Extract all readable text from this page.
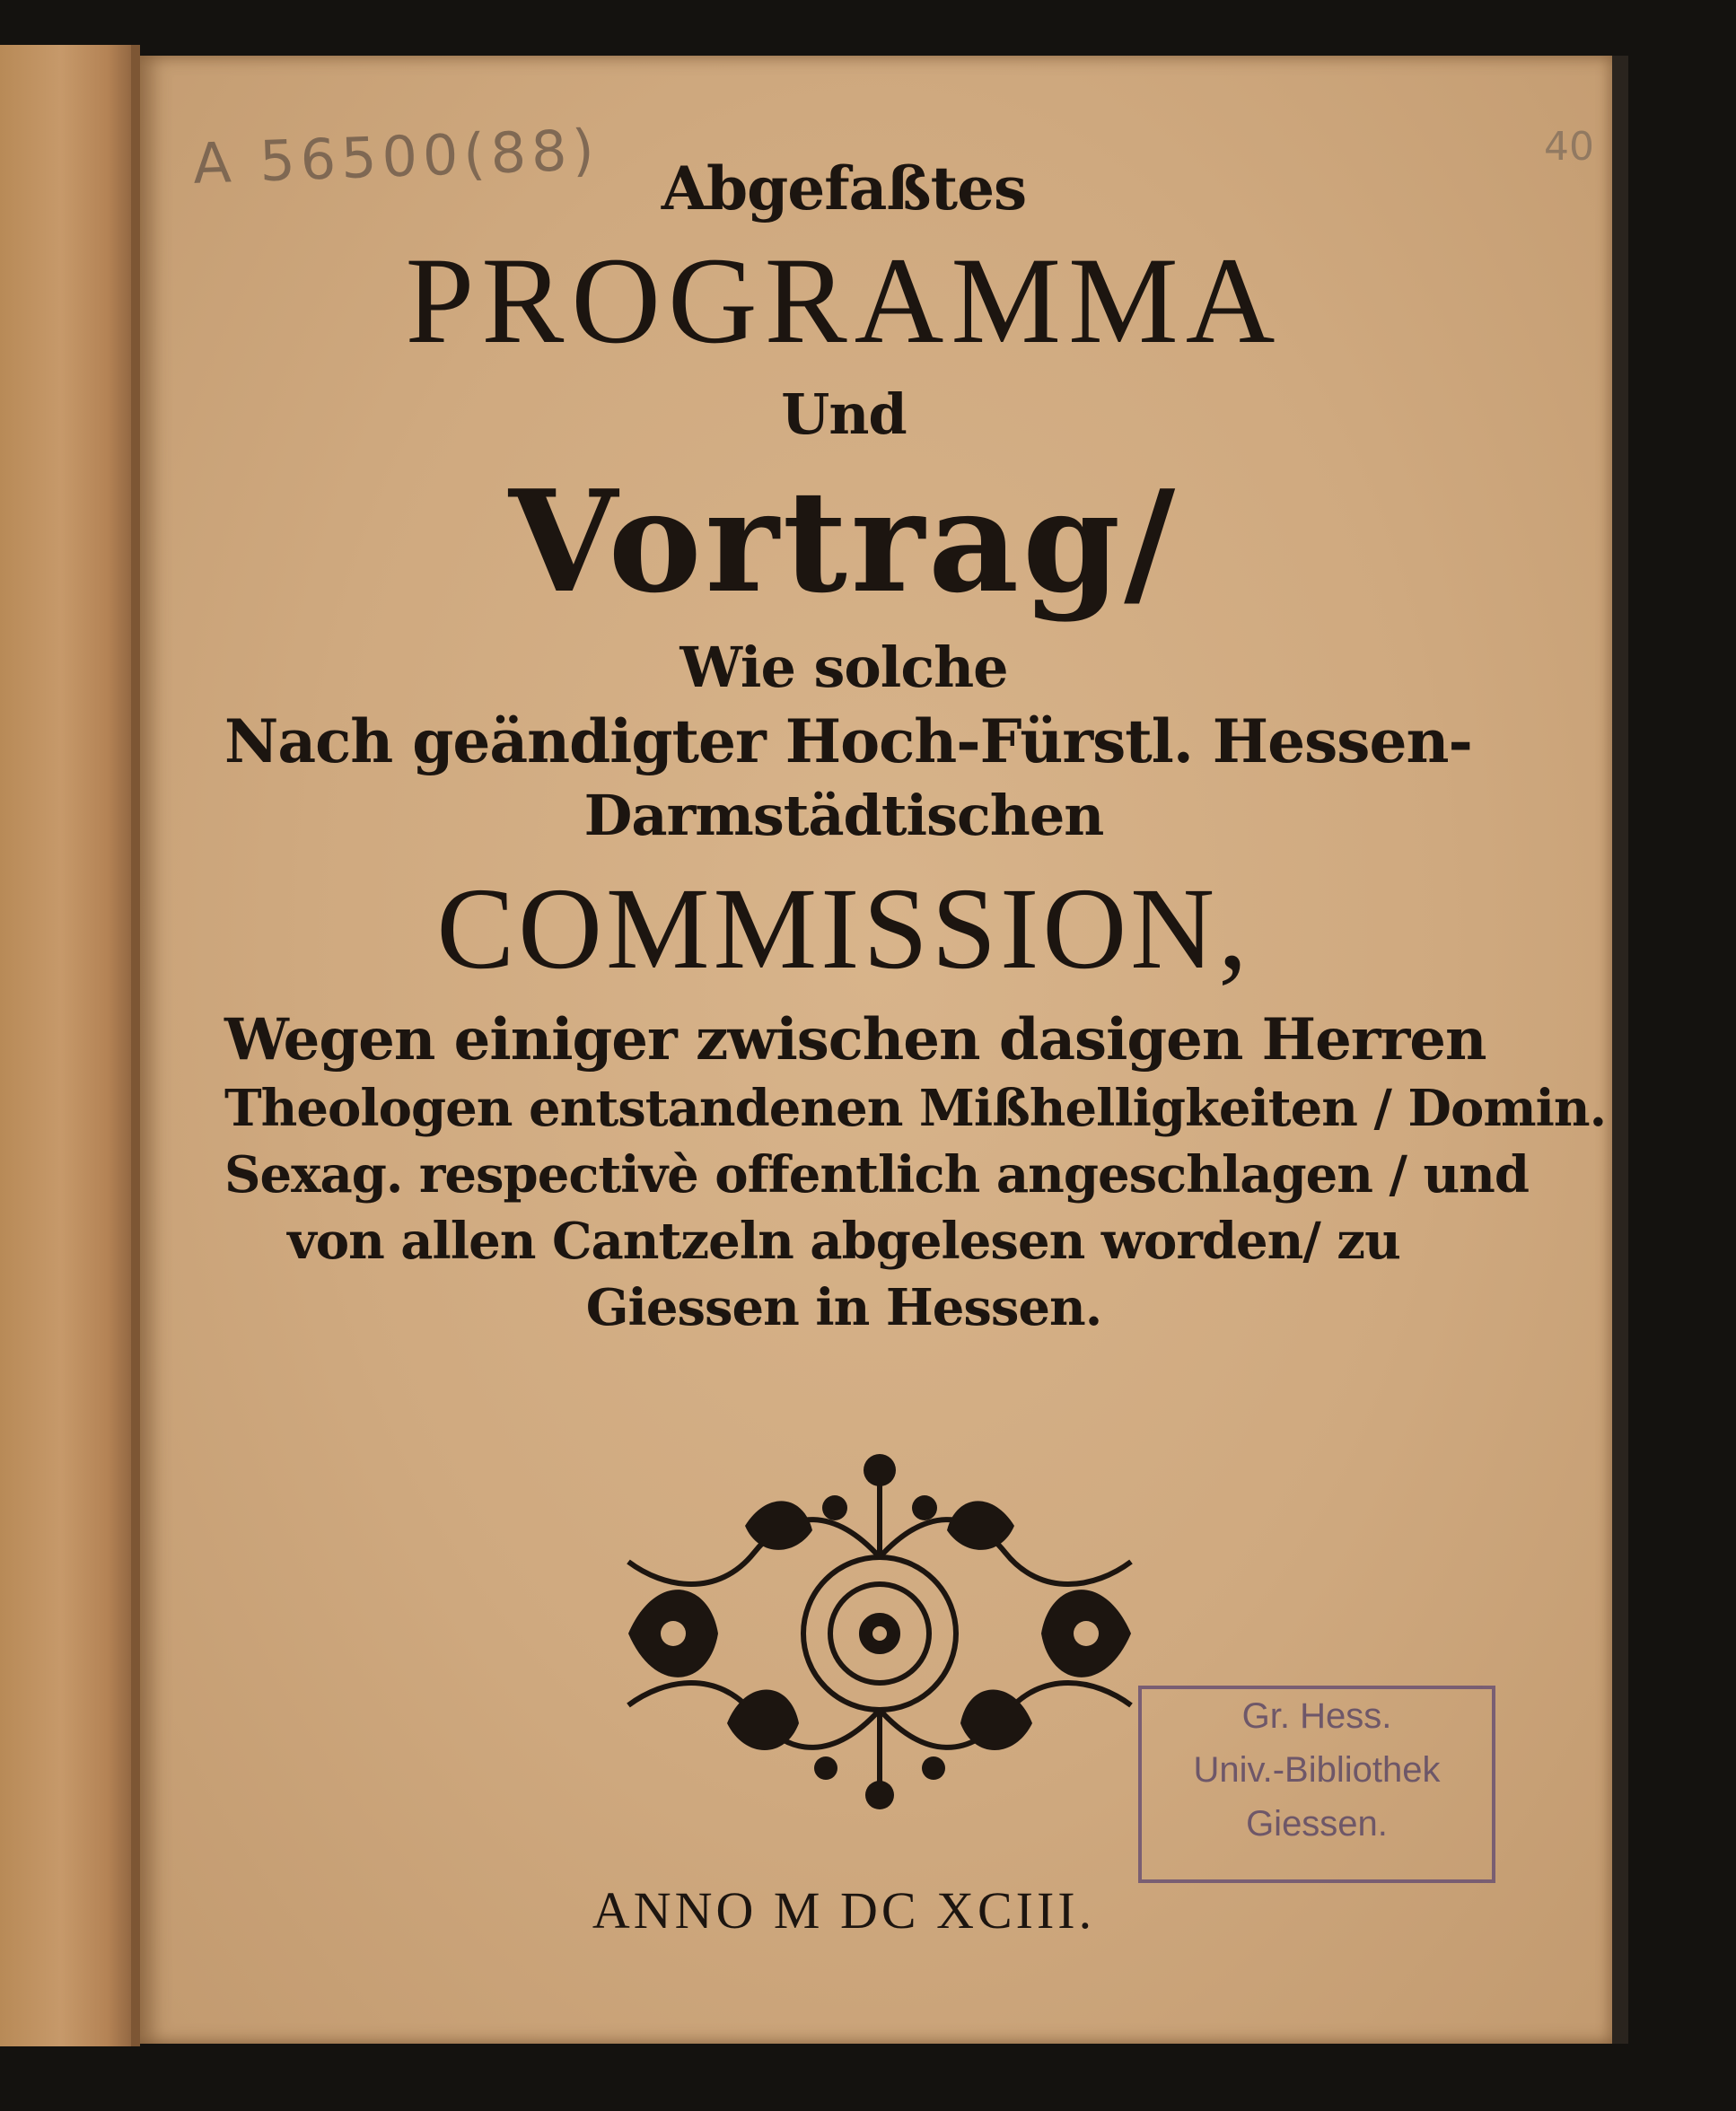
A 56500(88)	40

Abgefaßtes

PROGRAMMA

Und

Vortrag/

Wie solche

Nach geändigter Hoch-Fürstl. Hessen-

Darmstädtischen

COMMISSION,

Wegen einiger zwischen dasigen Herren

Theologen entstandenen Mißhelligkeiten / Domin.

Sexag. respectivè offentlich angeschlagen / und

von allen Cantzeln abgelesen worden/ zu

Giessen in Hessen.

ANNO M DC XCIII.
Gr. Hess.
Univ.-Bibliothek
Giessen.
